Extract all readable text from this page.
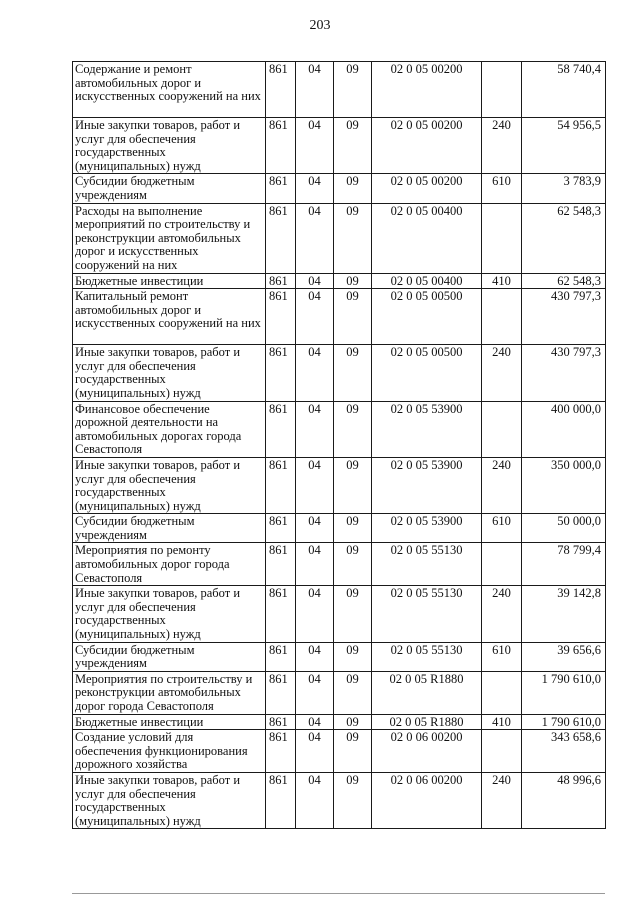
203
Содержание и ремонт автомобильных дорог и искусственных сооружений на них	861	04	09	02 0 05 00200		58 740,4
Иные закупки товаров, работ и услуг для обеспечения государственных (муниципальных) нужд	861	04	09	02 0 05 00200	240	54 956,5
Субсидии бюджетным учреждениям	861	04	09	02 0 05 00200	610	3 783,9
Расходы на выполнение мероприятий по строительству и реконструкции автомобильных дорог и искусственных сооружений на них	861	04	09	02 0 05 00400		62 548,3
Бюджетные инвестиции	861	04	09	02 0 05 00400	410	62 548,3
Капитальный ремонт автомобильных дорог и искусственных сооружений на них	861	04	09	02 0 05 00500		430 797,3
Иные закупки товаров, работ и услуг для обеспечения государственных (муниципальных) нужд	861	04	09	02 0 05 00500	240	430 797,3
Финансовое обеспечение дорожной деятельности на автомобильных дорогах города Севастополя	861	04	09	02 0 05 53900		400 000,0
Иные закупки товаров, работ и услуг для обеспечения государственных (муниципальных) нужд	861	04	09	02 0 05 53900	240	350 000,0
Субсидии бюджетным учреждениям	861	04	09	02 0 05 53900	610	50 000,0
Мероприятия по ремонту автомобильных дорог города Севастополя	861	04	09	02 0 05 55130		78 799,4
Иные закупки товаров, работ и услуг для обеспечения государственных (муниципальных) нужд	861	04	09	02 0 05 55130	240	39 142,8
Субсидии бюджетным учреждениям	861	04	09	02 0 05 55130	610	39 656,6
Мероприятия по строительству и реконструкции автомобильных дорог города Севастополя	861	04	09	02 0 05 R1880		1 790 610,0
Бюджетные инвестиции	861	04	09	02 0 05 R1880	410	1 790 610,0
Создание условий для обеспечения функционирования дорожного хозяйства	861	04	09	02 0 06 00200		343 658,6
Иные закупки товаров, работ и услуг для обеспечения государственных (муниципальных) нужд	861	04	09	02 0 06 00200	240	48 996,6
